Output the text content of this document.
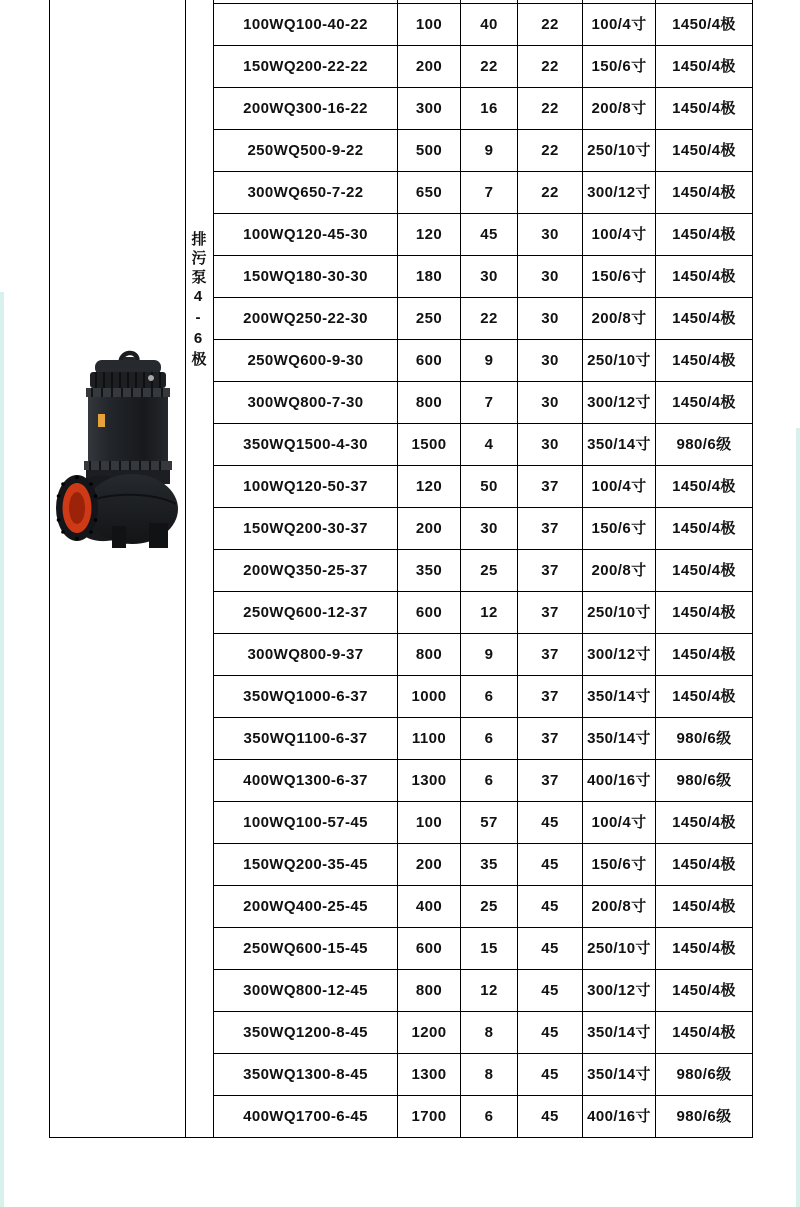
		100WQ100-40-22	100	40	22	100/4寸	1450/4极
		150WQ200-22-22	200	22	22	150/6寸	1450/4极
		200WQ300-16-22	300	16	22	200/8寸	1450/4极
		250WQ500-9-22	500	9	22	250/10寸	1450/4极
		300WQ650-7-22	650	7	22	300/12寸	1450/4极
		100WQ120-45-30	120	45	30	100/4寸	1450/4极
		150WQ180-30-30	180	30	30	150/6寸	1450/4极
		200WQ250-22-30	250	22	30	200/8寸	1450/4极
		250WQ600-9-30	600	9	30	250/10寸	1450/4极
		300WQ800-7-30	800	7	30	300/12寸	1450/4极
		350WQ1500-4-30	1500	4	30	350/14寸	980/6级
		100WQ120-50-37	120	50	37	100/4寸	1450/4极
		150WQ200-30-37	200	30	37	150/6寸	1450/4极
		200WQ350-25-37	350	25	37	200/8寸	1450/4极
		250WQ600-12-37	600	12	37	250/10寸	1450/4极
		300WQ800-9-37	800	9	37	300/12寸	1450/4极
		350WQ1000-6-37	1000	6	37	350/14寸	1450/4极
		350WQ1100-6-37	1100	6	37	350/14寸	980/6级
		400WQ1300-6-37	1300	6	37	400/16寸	980/6级
		100WQ100-57-45	100	57	45	100/4寸	1450/4极
		150WQ200-35-45	200	35	45	150/6寸	1450/4极
		200WQ400-25-45	400	25	45	200/8寸	1450/4极
		250WQ600-15-45	600	15	45	250/10寸	1450/4极
		300WQ800-12-45	800	12	45	300/12寸	1450/4极
		350WQ1200-8-45	1200	8	45	350/14寸	1450/4极
		350WQ1300-8-45	1300	8	45	350/14寸	980/6级
		400WQ1700-6-45	1700	6	45	400/16寸	980/6级
排污泵4-6极
